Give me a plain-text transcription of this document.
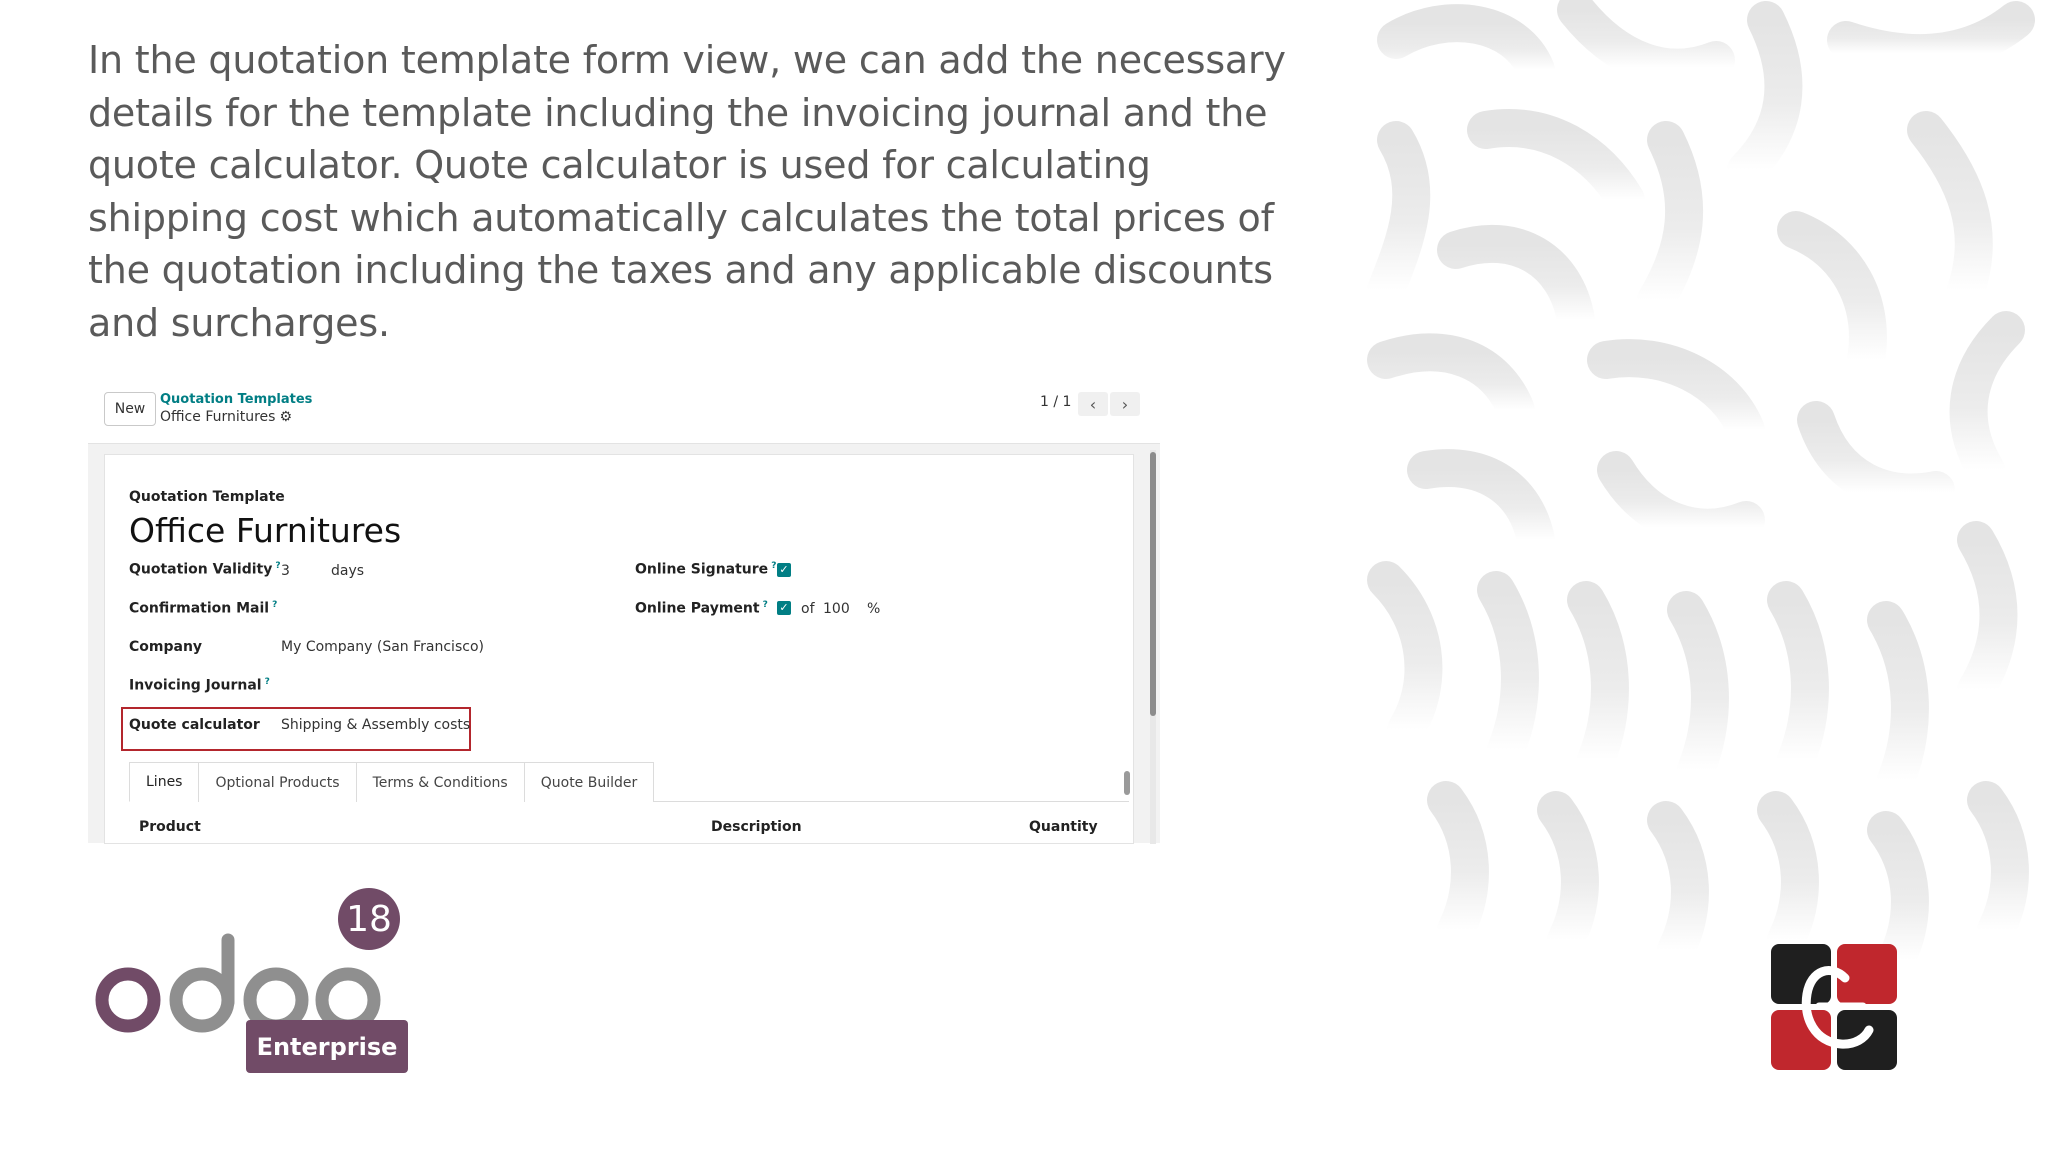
In the quotation template form view, we can add the necessary details for the template including the invoicing journal and the quote calculator. Quote calculator is used for calculating shipping cost which automatically calculates the total prices of the quotation including the taxes and any applicable discounts and surcharges.

New
Quotation Templates
Office Furnitures ⚙
1 / 1	‹	›
Quotation Template
Office Furnitures
Quotation Validity ? 3	days
Confirmation Mail ?
Company	My Company (San Francisco)
Invoicing Journal ?
Quote calculator Shipping & Assembly costs
Online Signature ? ✓
Online Payment ? ✓ of 100 %
Lines	Optional Products	Terms & Conditions	Quote Builder
Product	Description	Quantity
18
Enterprise
